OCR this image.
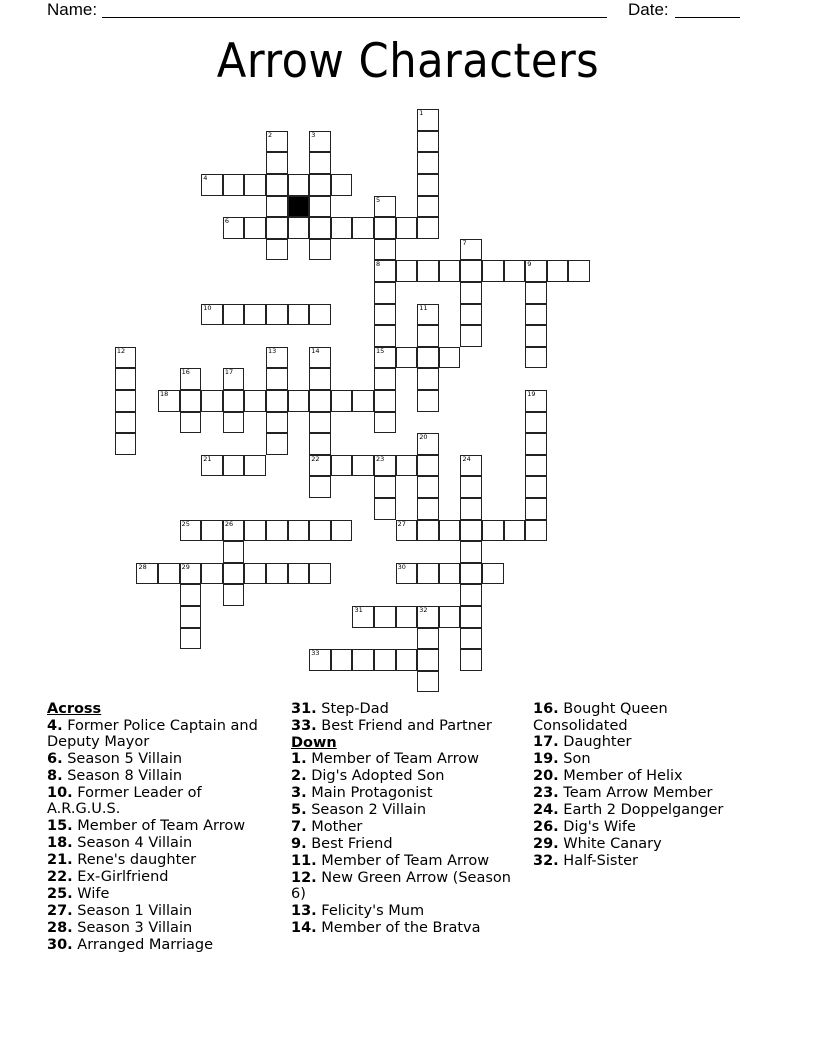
Name:	Date:
Arrow Characters
4
6
8	9
10
15
18
21	22	23
25	26	27
28	29	30
31	32
33
1
2	3
5
7
11
12	13	14
16	17
19
20
24
Across
4. Former Police Captain and Deputy Mayor
6. Season 5 Villain
8. Season 8 Villain
10. Former Leader of A.R.G.U.S.
15. Member of Team Arrow
18. Season 4 Villain
21. Rene's daughter
22. Ex-Girlfriend
25. Wife
27. Season 1 Villain
28. Season 3 Villain
30. Arranged Marriage
31. Step-Dad
33. Best Friend and Partner
Down
1. Member of Team Arrow
2. Dig's Adopted Son
3. Main Protagonist
5. Season 2 Villain
7. Mother
9. Best Friend
11. Member of Team Arrow
12. New Green Arrow (Season 6)
13. Felicity's Mum
14. Member of the Bratva
16. Bought Queen Consolidated
17. Daughter
19. Son
20. Member of Helix
23. Team Arrow Member
24. Earth 2 Doppelganger
26. Dig's Wife
29. White Canary
32. Half-Sister
